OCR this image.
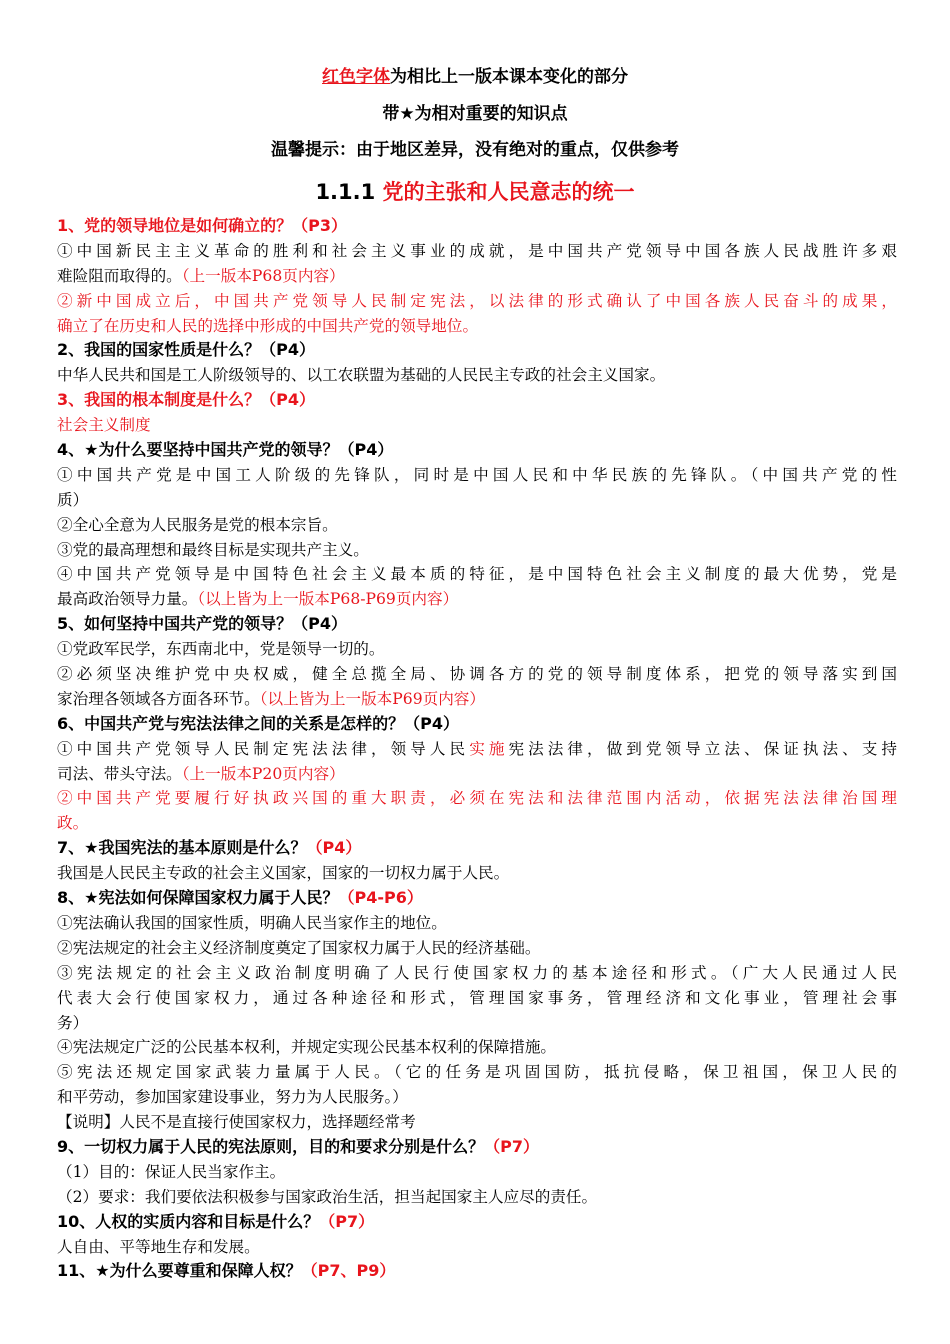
红色字体为相比上一版本课本变化的部分
带★为相对重要的知识点
温馨提示：由于地区差异，没有绝对的重点，仅供参考
1.1.1 党的主张和人民意志的统一
1、党的领导地位是如何确立的？（P3）
①中国新民主主义革命的胜利和社会主义事业的成就，是中国共产党领导中国各族人民战胜许多艰
难险阻而取得的。（上一版本P68页内容）
②新中国成立后，中国共产党领导人民制定宪法，以法律的形式确认了中国各族人民奋斗的成果，
确立了在历史和人民的选择中形成的中国共产党的领导地位。
2、我国的国家性质是什么？（P4）
中华人民共和国是工人阶级领导的、以工农联盟为基础的人民民主专政的社会主义国家。
3、我国的根本制度是什么？（P4）
社会主义制度
4、★为什么要坚持中国共产党的领导？（P4）
①中国共产党是中国工人阶级的先锋队，同时是中国人民和中华民族的先锋队。（中国共产党的性
质）
②全心全意为人民服务是党的根本宗旨。
③党的最高理想和最终目标是实现共产主义。
④中国共产党领导是中国特色社会主义最本质的特征，是中国特色社会主义制度的最大优势，党是
最高政治领导力量。（以上皆为上一版本P68-P69页内容）
5、如何坚持中国共产党的领导？（P4）
①党政军民学，东西南北中，党是领导一切的。
②必须坚决维护党中央权威，健全总揽全局、协调各方的党的领导制度体系，把党的领导落实到国
家治理各领域各方面各环节。（以上皆为上一版本P69页内容）
6、中国共产党与宪法法律之间的关系是怎样的？（P4）
①中国共产党领导人民制定宪法法律，领导人民实施宪法法律，做到党领导立法、保证执法、支持
司法、带头守法。（上一版本P20页内容）
②中国共产党要履行好执政兴国的重大职责，必须在宪法和法律范围内活动，依据宪法法律治国理
政。
7、★我国宪法的基本原则是什么？（P4）
我国是人民民主专政的社会主义国家，国家的一切权力属于人民。
8、★宪法如何保障国家权力属于人民？（P4-P6）
①宪法确认我国的国家性质，明确人民当家作主的地位。
②宪法规定的社会主义经济制度奠定了国家权力属于人民的经济基础。
③宪法规定的社会主义政治制度明确了人民行使国家权力的基本途径和形式。（广大人民通过人民
代表大会行使国家权力，通过各种途径和形式，管理国家事务，管理经济和文化事业，管理社会事
务）
④宪法规定广泛的公民基本权利，并规定实现公民基本权利的保障措施。
⑤宪法还规定国家武装力量属于人民。（它的任务是巩固国防，抵抗侵略，保卫祖国，保卫人民的
和平劳动，参加国家建设事业，努力为人民服务。）
【说明】人民不是直接行使国家权力，选择题经常考
9、一切权力属于人民的宪法原则，目的和要求分别是什么？（P7）
（1）目的：保证人民当家作主。
（2）要求：我们要依法积极参与国家政治生活，担当起国家主人应尽的责任。
10、人权的实质内容和目标是什么？（P7）
人自由、平等地生存和发展。
11、★为什么要尊重和保障人权？（P7、P9）
